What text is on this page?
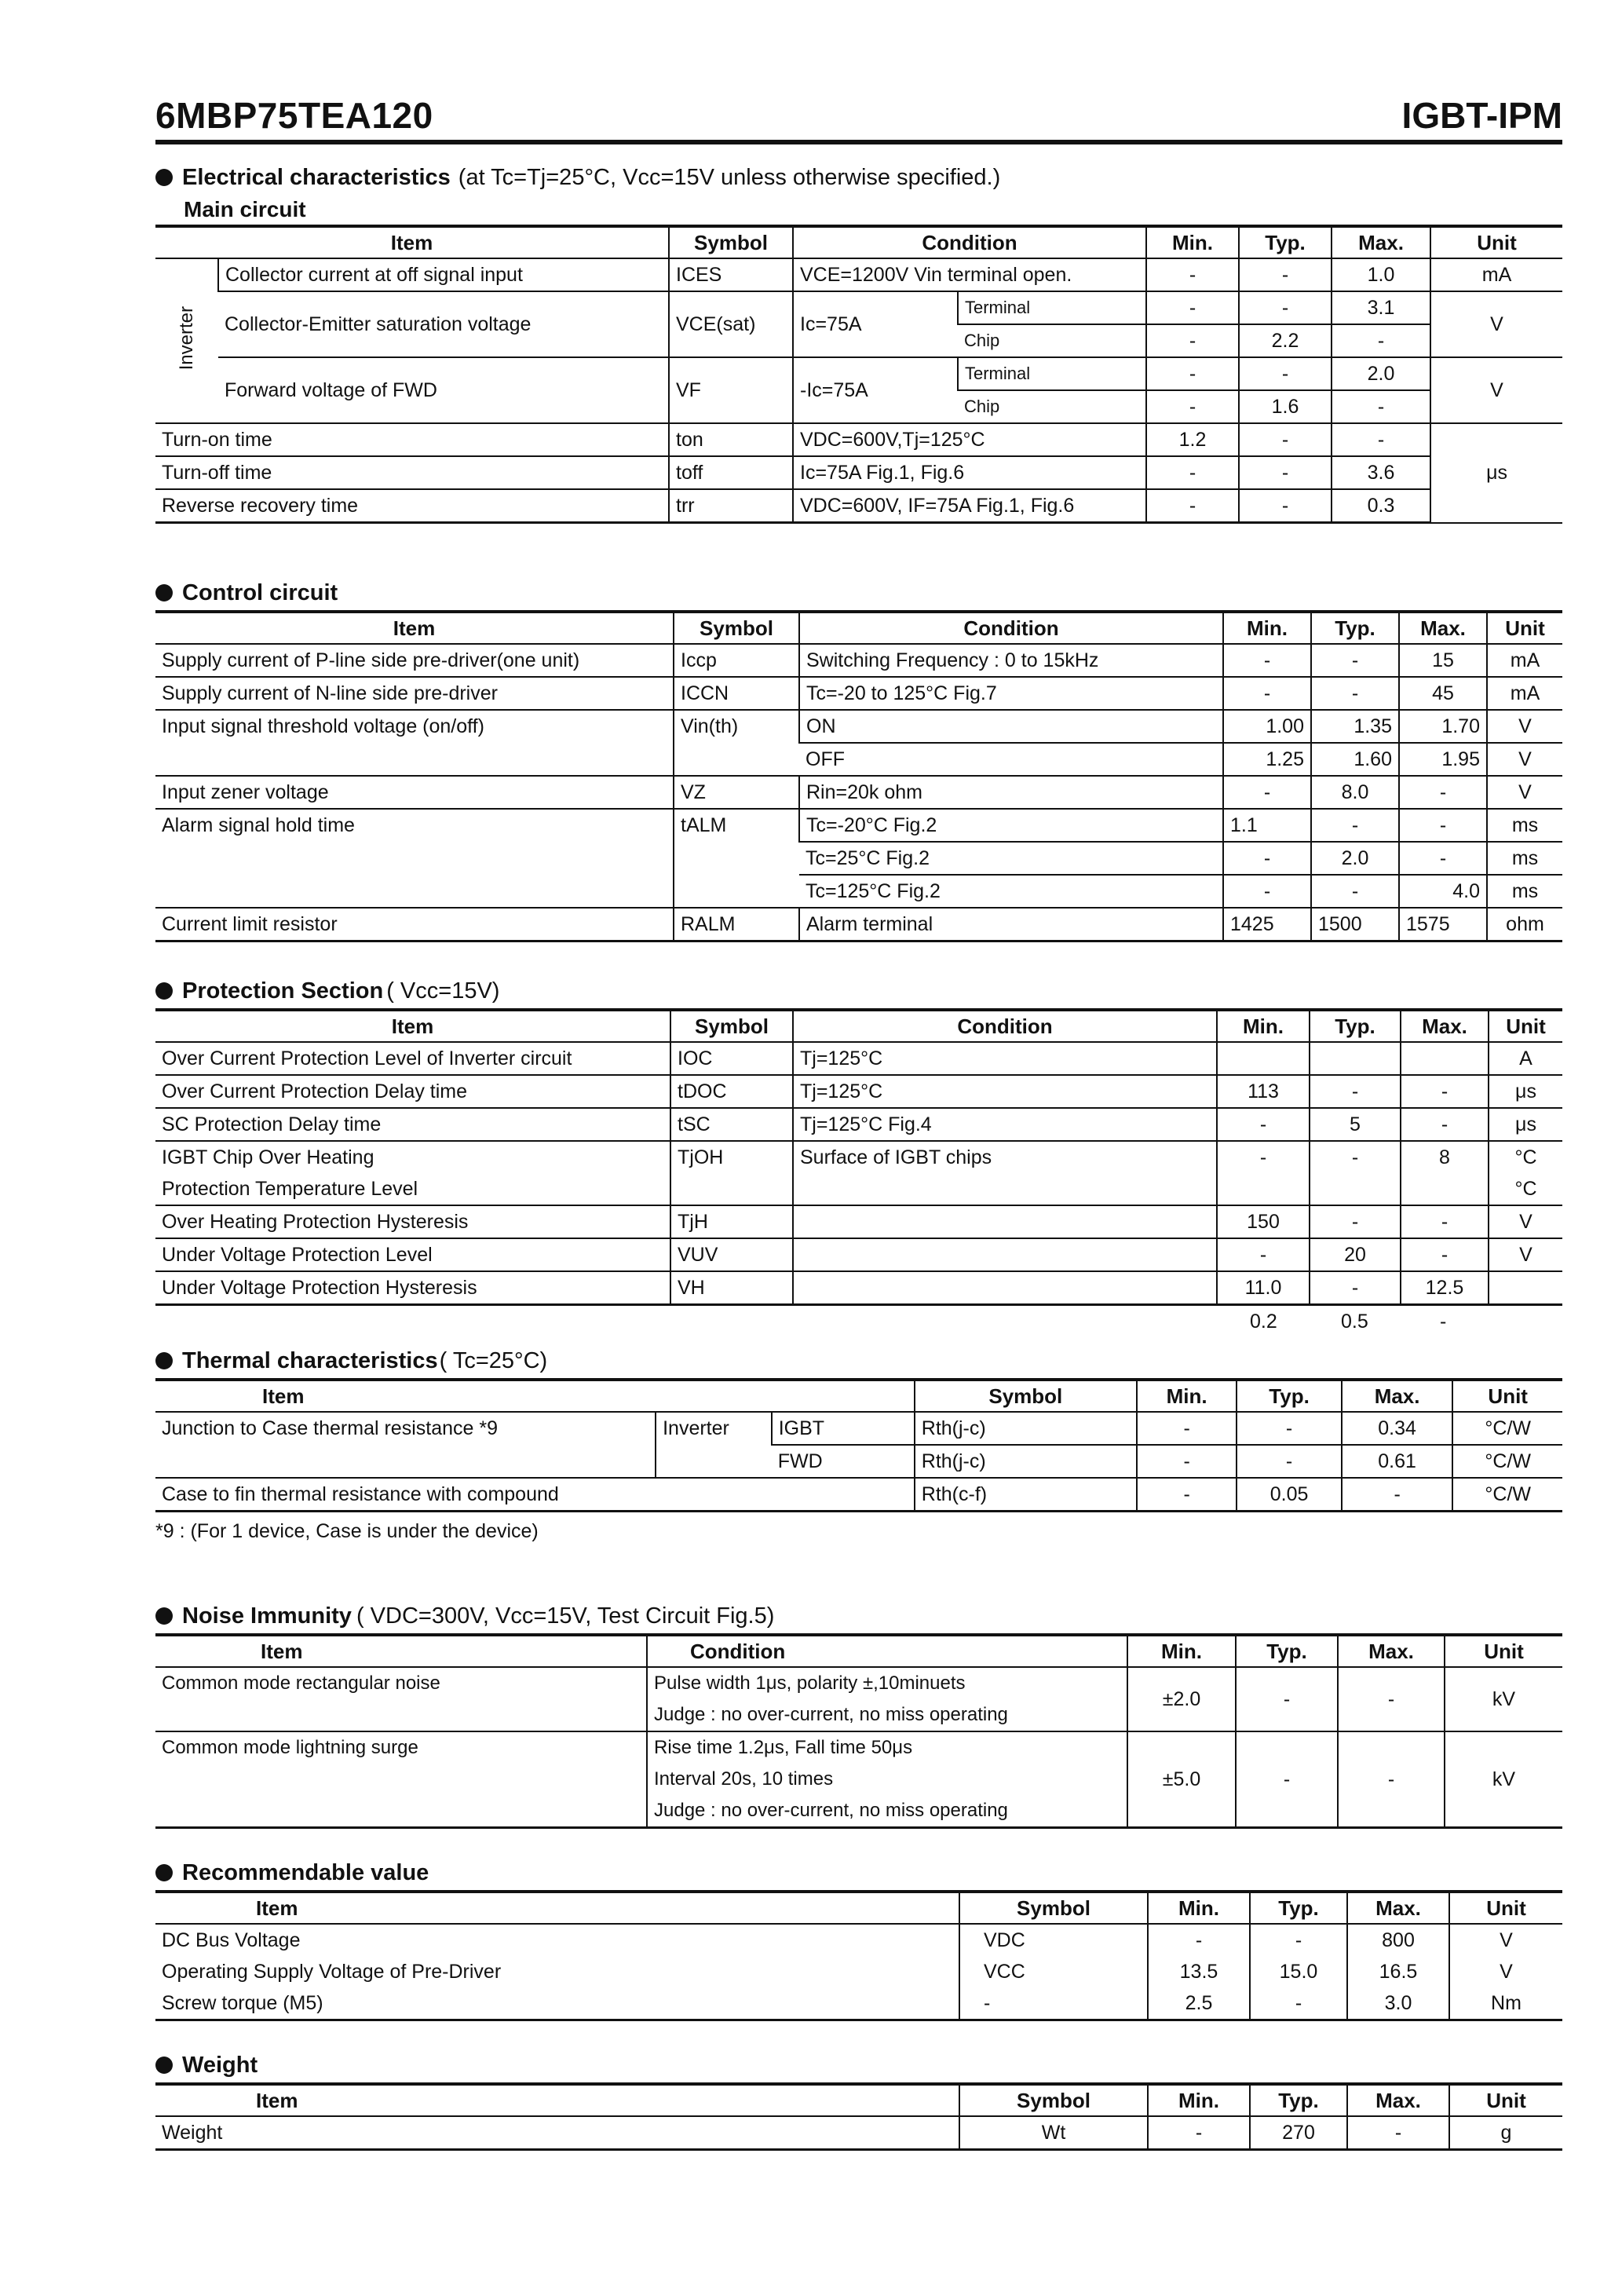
6MBP75TEA120	IGBT-IPM
Electrical characteristics (at Tc=Tj=25°C, Vcc=15V unless otherwise specified.)
Main circuit
Item		Symbol	Condition		Min.	Typ.	Max.	Unit
Inverter	Collector current at off signal input	ICES	VCE=1200V Vin terminal open.		-	-	1.0	mA
	Collector-Emitter saturation voltage	VCE(sat)	Ic=75A	Terminal	-	-	3.1	V
				Chip	-	2.2	-	
	Forward voltage of FWD	VF	-Ic=75A	Terminal	-	-	2.0	V
				Chip	-	1.6	-	
Turn-on time		ton	VDC=600V,Tj=125°C		1.2	-	-	μs
Turn-off time		toff	Ic=75A Fig.1, Fig.6		-	-	3.6	
Reverse recovery time		trr	VDC=600V, IF=75A Fig.1, Fig.6		-	-	0.3	
Control circuit
Item	Symbol	Condition	Min.	Typ.	Max.	Unit
Supply current of P-line side pre-driver(one unit)	Iccp	Switching Frequency : 0 to 15kHz	-	-	15	mA
Supply current of N-line side pre-driver	ICCN	Tc=-20 to 125°C Fig.7	-	-	45	mA
Input signal threshold voltage (on/off)	Vin(th)	ON	1.00	1.35	1.70	V
		OFF	1.25	1.60	1.95	V
Input zener voltage	VZ	Rin=20k ohm	-	8.0	-	V
Alarm signal hold time	tALM	Tc=-20°C Fig.2	1.1	-	-	ms
		Tc=25°C Fig.2	-	2.0	-	ms
		Tc=125°C Fig.2	-	-	4.0	ms
Current limit resistor	RALM	Alarm terminal	1425	1500	1575	ohm
Protection Section ( Vcc=15V)
Item	Symbol	Condition	Min.	Typ.	Max.	Unit
Over Current Protection Level of Inverter circuit	IOC	Tj=125°C				A
Over Current Protection Delay time	tDOC	Tj=125°C	113	-	-	μs
SC Protection Delay time	tSC	Tj=125°C Fig.4	-	5	-	μs
IGBT Chip Over Heating	TjOH	Surface of IGBT chips	-	-	8	°C
Protection Temperature Level						°C
Over Heating Protection Hysteresis	TjH		150	-	-	V
Under Voltage Protection Level	VUV		-	20	-	V
Under Voltage Protection Hysteresis	VH		11.0	-	12.5	
0.2	0.5	-
Thermal characteristics ( Tc=25°C)
Item			Symbol	Min.	Typ.	Max.	Unit
Junction to Case thermal resistance *9	Inverter	IGBT	Rth(j-c)	-	-	0.34	°C/W
		FWD	Rth(j-c)	-	-	0.61	°C/W
Case to fin thermal resistance with compound			Rth(c-f)	-	0.05	-	°C/W
*9 : (For 1 device, Case is under the device)
Noise Immunity ( VDC=300V, Vcc=15V, Test Circuit Fig.5)
Item	Condition	Min.	Typ.	Max.	Unit
Common mode rectangular noise	Pulse width 1μs, polarity ±,10minuets
Judge : no over-current, no miss operating	±2.0	-	-	kV
Common mode lightning surge	Rise time 1.2μs, Fall time 50μs
Interval 20s, 10 times
Judge : no over-current, no miss operating	±5.0	-	-	kV
Recommendable value
Item	Symbol	Min.	Typ.	Max.	Unit
DC Bus Voltage	VDC	-	-	800	V
Operating Supply Voltage of Pre-Driver	VCC	13.5	15.0	16.5	V
Screw torque (M5)	-	2.5	-	3.0	Nm
Weight
Item	Symbol	Min.	Typ.	Max.	Unit
Weight	Wt	-	270	-	g
